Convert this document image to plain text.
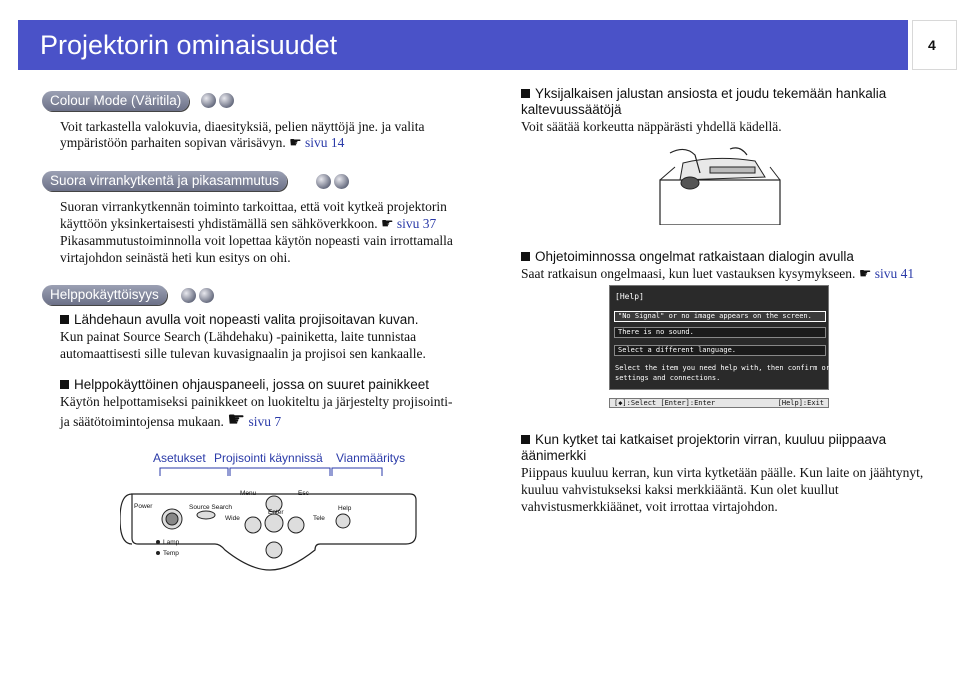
Projektorin ominaisuudet	4
Colour Mode (Väritila)
Voit tarkastella valokuvia, diaesityksiä, pelien näyttöjä jne. ja valita
ympäristöön parhaiten sopivan värisävyn. ☛ sivu 14
Suora virrankytkentä ja pikasammutus
Suoran virrankytkennän toiminto tarkoittaa, että voit kytkeä projektorin
käyttöön yksinkertaisesti yhdistämällä sen sähköverkkoon. ☛ sivu 37
Pikasammutustoiminnolla voit lopettaa käytön nopeasti vain irrottamalla
virtajohdon seinästä heti kun esitys on ohi.
Helppokäyttöisyys
Lähdehaun avulla voit nopeasti valita projisoitavan kuvan.
Kun painat Source Search (Lähdehaku) -painiketta, laite tunnistaa
automaattisesti sille tulevan kuvasignaalin ja projisoi sen kankaalle.
Helppokäyttöinen ohjauspaneeli, jossa on suuret painikkeet
Käytön helpottamiseksi painikkeet on luokiteltu ja järjestelty projisointi-
ja säätötoimintojensa mukaan. ☛ sivu 7
Asetukset Projisointi käynnissä Vianmääritys
Power	Source Search
Menu	Esc
Wide	Tele
Enter
Help
Lamp
Temp
Yksijalkaisen jalustan ansiosta et joudu tekemään hankalia
kaltevuussäätöjä
Voit säätää korkeutta näppärästi yhdellä kädellä.
Ohjetoiminnossa ongelmat ratkaistaan dialogin avulla
Saat ratkaisun ongelmaasi, kun luet vastauksen kysymykseen. ☛ sivu 41
[Help]
"No Signal" or no image appears on the screen.
There is no sound.
Select a different language.
Select the item you need help with, then confirm or modify
settings and connections.
[◆]:Select [Enter]:Enter	[Help]:Exit
Kun kytket tai katkaiset projektorin virran, kuuluu piippaava
äänimerkki
Piippaus kuuluu kerran, kun virta kytketään päälle. Kun laite on jäähtynyt,
kuuluu vahvistukseksi kaksi merkkiääntä. Kun olet kuullut
vahvistusmerkkiäänet, voit irrottaa virtajohdon.
